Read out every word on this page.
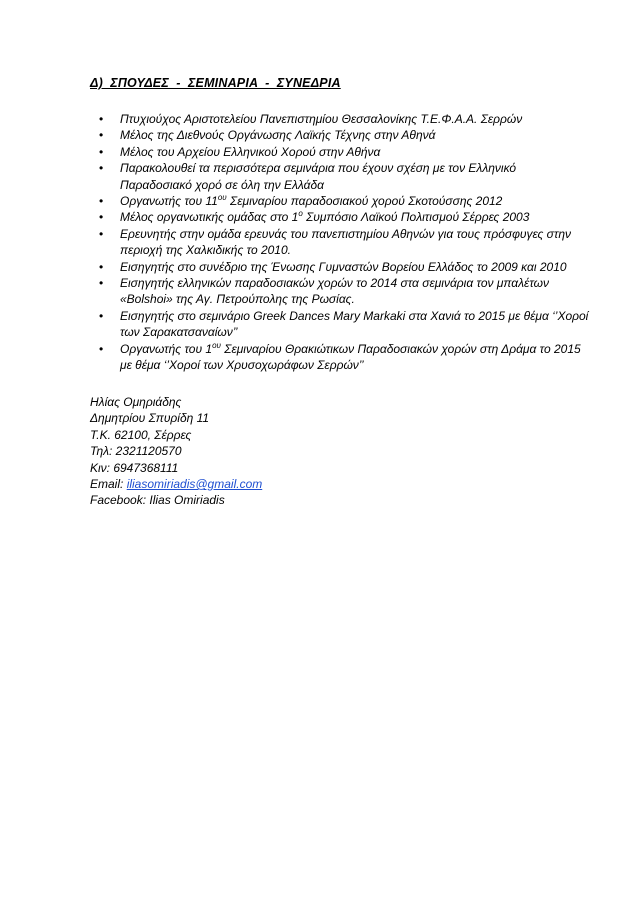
Δ)  ΣΠΟΥΔΕΣ  -  ΣΕΜΙΝΑΡΙΑ  -  ΣΥΝΕΔΡΙΑ
• Πτυχιούχος Αριστοτελείου Πανεπιστημίου Θεσσαλονίκης Τ.Ε.Φ.Α.Α. Σερρών
• Μέλος της Διεθνούς Οργάνωσης Λαϊκής Τέχνης στην Αθηνά
• Μέλος του Αρχείου Ελληνικού Χορού στην Αθήνα
• Παρακολουθεί τα περισσότερα σεμινάρια που έχουν σχέση με τον Ελληνικό Παραδοσιακό χορό σε όλη την Ελλάδα
• Οργανωτής του $11^{o\upsilon}$ Σεμιναρίου παραδοσιακού χορού Σκοτούσσης 2012
• Μέλος οργανωτικής ομάδας στο $1^o$ Συμπόσιο Λαϊκού Πολιτισμού Σέρρες 2003
• Ερευνητής στην ομάδα ερευνάς του πανεπιστημίου Αθηνών για τους πρόσφυγες στην περιοχή της Χαλκιδικής το 2010.
• Εισηγητής στο συνέδριο της Ένωσης Γυμναστών Βορείου Ελλάδος το 2009 και 2010
• Εισηγητής ελληνικών παραδοσιακών χορών το 2014 στα σεμινάρια τον μπαλέτων «Bolshoi» της Αγ. Πετρούπολης της Ρωσίας.
• Εισηγητής στο σεμινάριο Greek Dances Mary Markaki στα Χανιά το 2015 με θέμα ‘’Χοροί των Σαρακατσαναίων’’
• Οργανωτής του $1^{o\upsilon}$ Σεμιναρίου Θρακιώτικων Παραδοσιακών χορών στη Δράμα το 2015 με θέμα ‘’Χοροί των Χρυσοχωράφων Σερρών’’
Ηλίας Ομηριάδης
Δημητρίου Σπυρίδη 11
Τ.Κ. 62100, Σέρρες
Τηλ: 2321120570
Κιν: 6947368111
Email: iliasomiriadis@gmail.com
Facebook: Ilias Omiriadis
